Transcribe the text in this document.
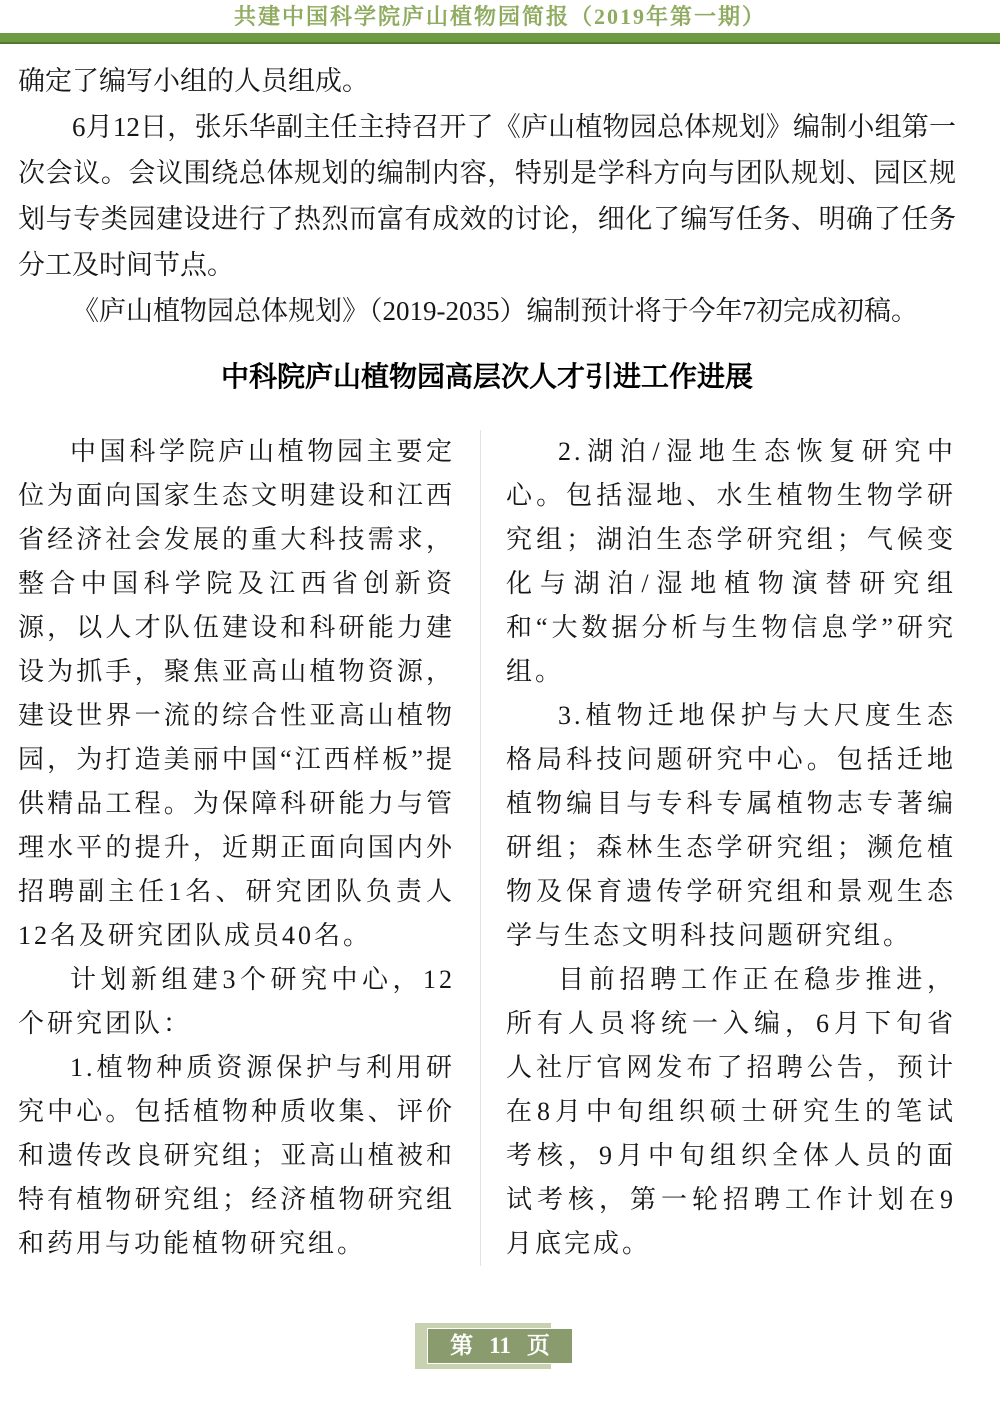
共建中国科学院庐山植物园简报（2019年第一期）

确定了编写小组的人员组成。

6月12日，张乐华副主任主持召开了《庐山植物园总体规划》编制小组第一次会议。会议围绕总体规划的编制内容，特别是学科方向与团队规划、园区规划与专类园建设进行了热烈而富有成效的讨论，细化了编写任务、明确了任务分工及时间节点。

《庐山植物园总体规划》（2019-2035）编制预计将于今年7初完成初稿。

中科院庐山植物园高层次人才引进工作进展

中国科学院庐山植物园主要定位为面向国家生态文明建设和江西省经济社会发展的重大科技需求，整合中国科学院及江西省创新资源，以人才队伍建设和科研能力建设为抓手，聚焦亚高山植物资源，建设世界一流的综合性亚高山植物园，为打造美丽中国“江西样板”提供精品工程。为保障科研能力与管理水平的提升，近期正面向国内外招聘副主任1名、研究团队负责人12名及研究团队成员40名。

计划新组建3个研究中心，12个研究团队：

1.植物种质资源保护与利用研究中心。包括植物种质收集、评价和遗传改良研究组；亚高山植被和特有植物研究组；经济植物研究组和药用与功能植物研究组。

2.湖泊/湿地生态恢复研究中心。包括湿地、水生植物生物学研究组；湖泊生态学研究组；气候变化与湖泊/湿地植物演替研究组和“大数据分析与生物信息学”研究组。

3.植物迁地保护与大尺度生态格局科技问题研究中心。包括迁地植物编目与专科专属植物志专著编研组；森林生态学研究组；濒危植物及保育遗传学研究组和景观生态学与生态文明科技问题研究组。

目前招聘工作正在稳步推进，所有人员将统一入编，6月下旬省人社厅官网发布了招聘公告，预计在8月中旬组织硕士研究生的笔试考核，9月中旬组织全体人员的面试考核，第一轮招聘工作计划在9月底完成。

第 11 页
